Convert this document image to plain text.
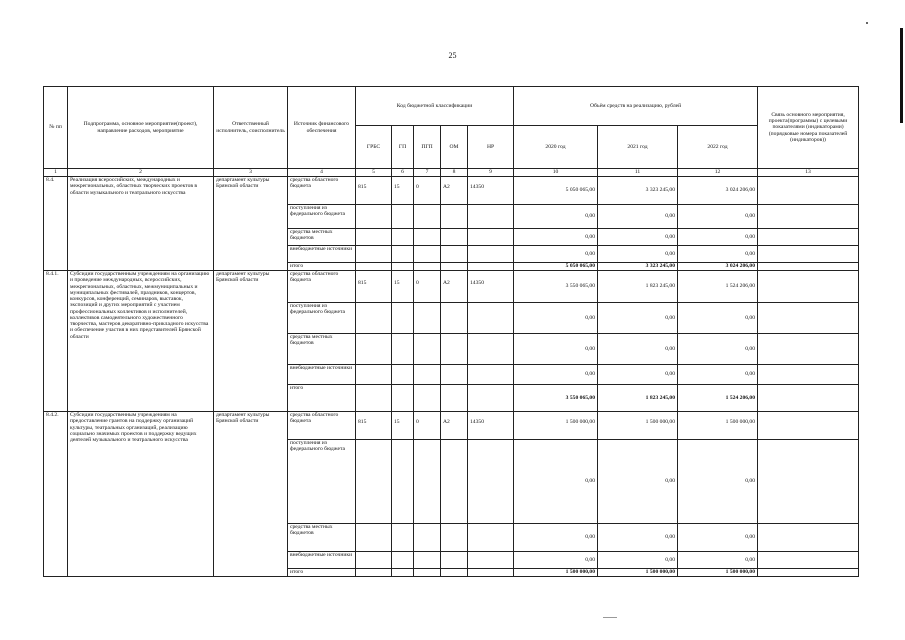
25
№ пп	Подпрограмма, основное мероприятие(проект), направление расходов, мероприятие	Ответственный исполнитель, соисполнитель	Источник финансового обеспечения	Код бюджетной классификации					Объём средств на реализацию, рублей			Связь основного мероприятия, проекта(программы) с целевыми показателями (индикаторами) (порядковые номера показателей (индикаторов))
				ГРБС	ГП	ПГП	ОМ	НР	2020 год	2021 год	2022 год	
1	2	3	4	5	6	7	8	9	10	11	12	13
8.4.	Реализация всероссийских, международных и межрегиональных, областных творческих проектов в области музыкального и театрального искусства	департамент культуры Брянской области	средства областного бюджета	815	15	0	А2	14350	5 050 065,00	3 323 245,00	3 024 206,00	
			поступления из федерального бюджета						0,00	0,00	0,00	
			средства местных бюджетов						0,00	0,00	0,00	
			внебюджетные источники						0,00	0,00	0,00	
			итого						5 050 065,00	3 323 245,00	3 024 206,00	
8.4.1.	Субсидии государственным учреждениям на организацию и проведение международных, всероссийских, межрегиональных, областных, межмуниципальных и муниципальных фестивалей, праздников, концертов, конкурсов, конференций, семинаров, выставок, экспозиций и других мероприятий с участием профессиональных коллективов и исполнителей, коллективов самодеятельного художественного творчества, мастеров декоративно-прикладного искусства и обеспечение участия в них представителей Брянской области	департамент культуры Брянской области	средства областного бюджета	815	15	0	А2	14350	3 550 065,00	1 823 245,00	1 524 206,00	
			поступления из федерального бюджета						0,00	0,00	0,00	
			средства местных бюджетов						0,00	0,00	0,00	
			внебюджетные источники						0,00	0,00	0,00	
			итого						3 550 065,00	1 823 245,00	1 524 206,00	
8.4.2.	Субсидии государственным учреждениям на предоставление грантов на поддержку организаций культуры, театральных организаций, реализацию социально значимых проектов и поддержку ведущих деятелей музыкального и театрального искусства	департамент культуры Брянской области	средства областного бюджета	815	15	0	А2	14350	1 500 000,00	1 500 000,00	1 500 000,00	
			поступления из федерального бюджета						0,00	0,00	0,00	
			средства местных бюджетов						0,00	0,00	0,00	
			внебюджетные источники						0,00	0,00	0,00	
			итого						1 500 000,00	1 500 000,00	1 500 000,00	
